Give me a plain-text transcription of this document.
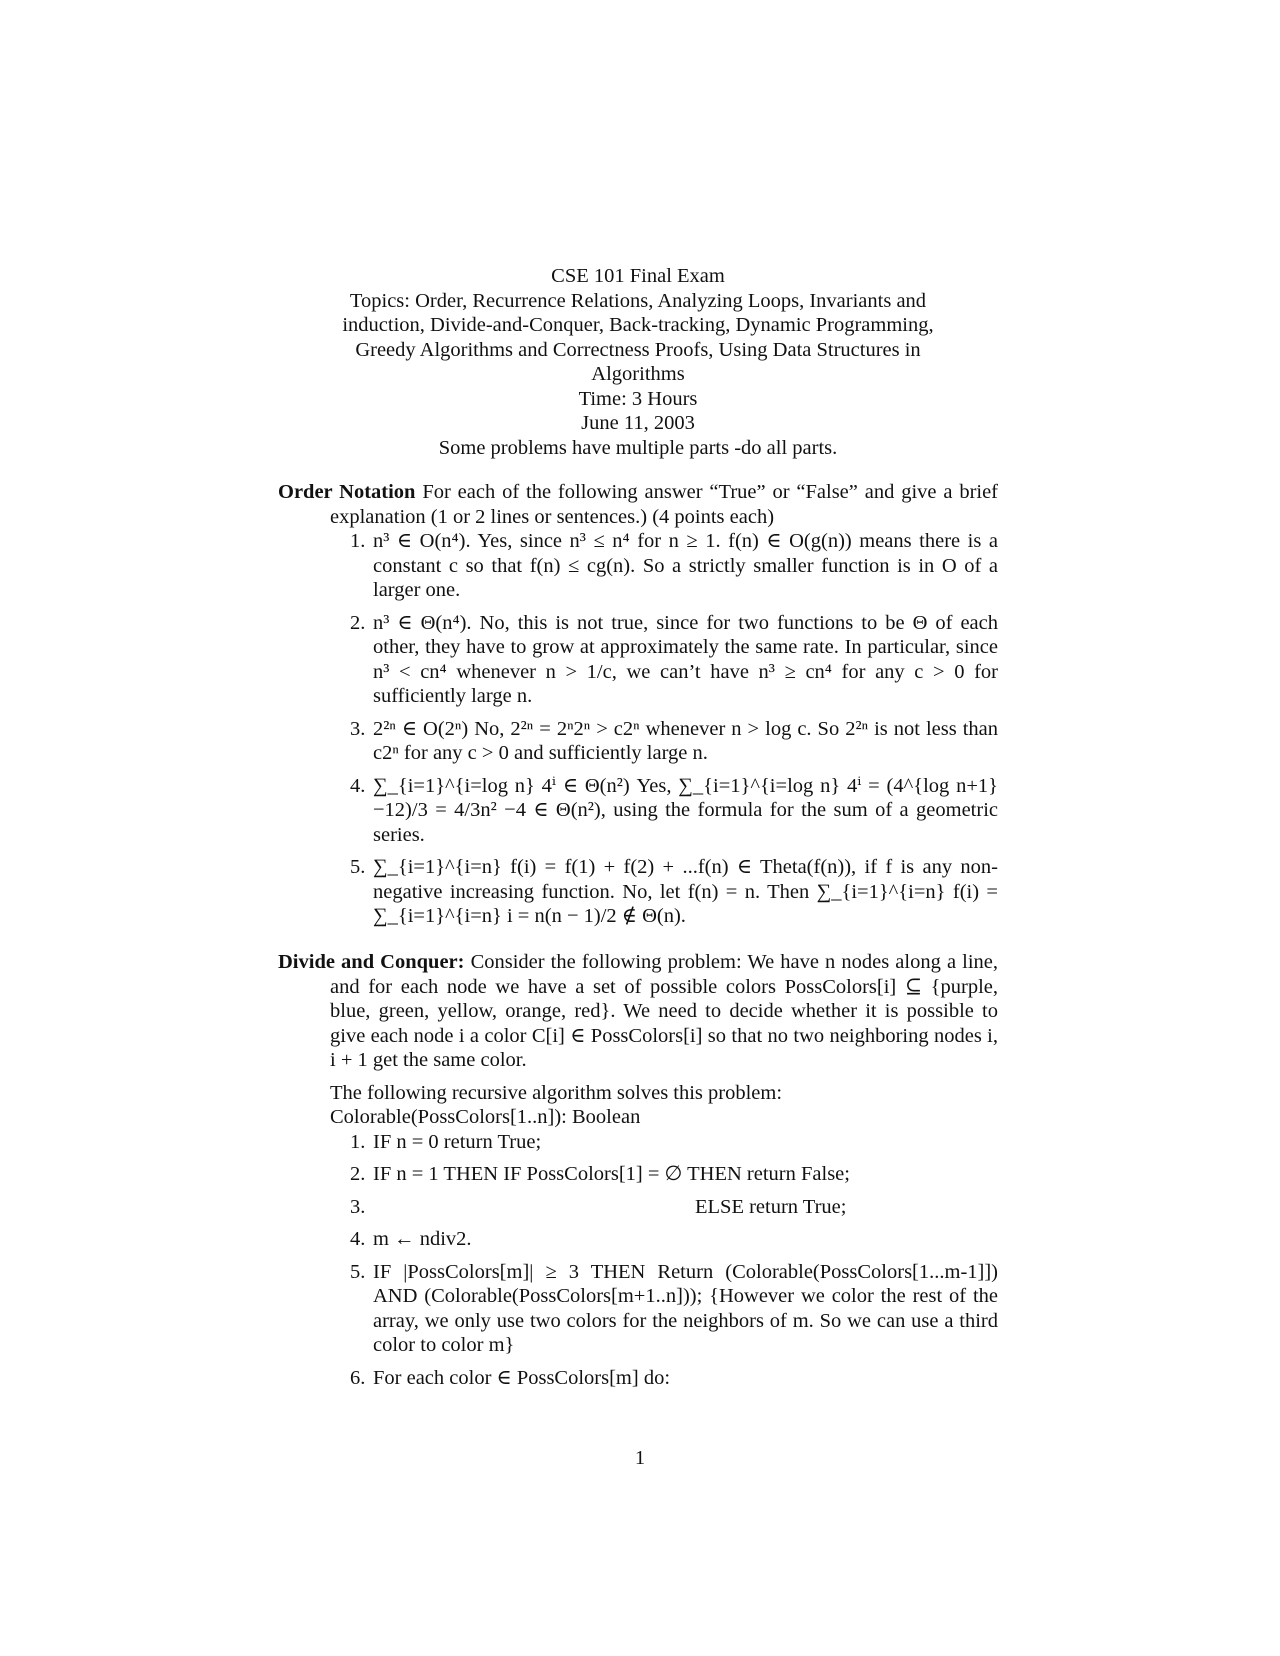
CSE 101 Final Exam
Topics: Order, Recurrence Relations, Analyzing Loops, Invariants and
induction, Divide-and-Conquer, Back-tracking, Dynamic Programming,
Greedy Algorithms and Correctness Proofs, Using Data Structures in
Algorithms
Time: 3 Hours
June 11, 2003
Some problems have multiple parts -do all parts.
Order Notation For each of the following answer “True” or “False” and give a brief explanation (1 or 2 lines or sentences.) (4 points each)
1. n³ ∈ O(n⁴). Yes, since n³ ≤ n⁴ for n ≥ 1. f(n) ∈ O(g(n)) means there is a constant c so that f(n) ≤ cg(n). So a strictly smaller function is in O of a larger one.
2. n³ ∈ Θ(n⁴). No, this is not true, since for two functions to be Θ of each other, they have to grow at approximately the same rate. In particular, since n³ < cn⁴ whenever n > 1/c, we can’t have n³ ≥ cn⁴ for any c > 0 for sufficiently large n.
3. 2²ⁿ ∈ O(2ⁿ) No, 2²ⁿ = 2ⁿ2ⁿ > c2ⁿ whenever n > log c. So 2²ⁿ is not less than c2ⁿ for any c > 0 and sufficiently large n.
4. ∑_{i=1}^{i=log n} 4ⁱ ∈ Θ(n²) Yes, ∑_{i=1}^{i=log n} 4ⁱ = (4^{log n+1} −12)/3 = 4/3n² −4 ∈ Θ(n²), using the formula for the sum of a geometric series.
5. ∑_{i=1}^{i=n} f(i) = f(1) + f(2) + ...f(n) ∈ Theta(f(n)), if f is any non-negative increasing function. No, let f(n) = n. Then ∑_{i=1}^{i=n} f(i) = ∑_{i=1}^{i=n} i = n(n − 1)/2 ∉ Θ(n).
Divide and Conquer: Consider the following problem: We have n nodes along a line, and for each node we have a set of possible colors PossColors[i] ⊆ {purple, blue, green, yellow, orange, red}. We need to decide whether it is possible to give each node i a color C[i] ∈ PossColors[i] so that no two neighboring nodes i, i + 1 get the same color.
The following recursive algorithm solves this problem: Colorable(PossColors[1..n]): Boolean
1. IF n = 0 return True;
2. IF n = 1 THEN IF PossColors[1] = ∅ THEN return False;
3.	ELSE return True;
4. m ← ndiv2.
5. IF |PossColors[m]| ≥ 3 THEN Return (Colorable(PossColors[1...m-1]]) AND (Colorable(PossColors[m+1..n])); {However we color the rest of the array, we only use two colors for the neighbors of m. So we can use a third color to color m}
6. For each color ∈ PossColors[m] do:
1
